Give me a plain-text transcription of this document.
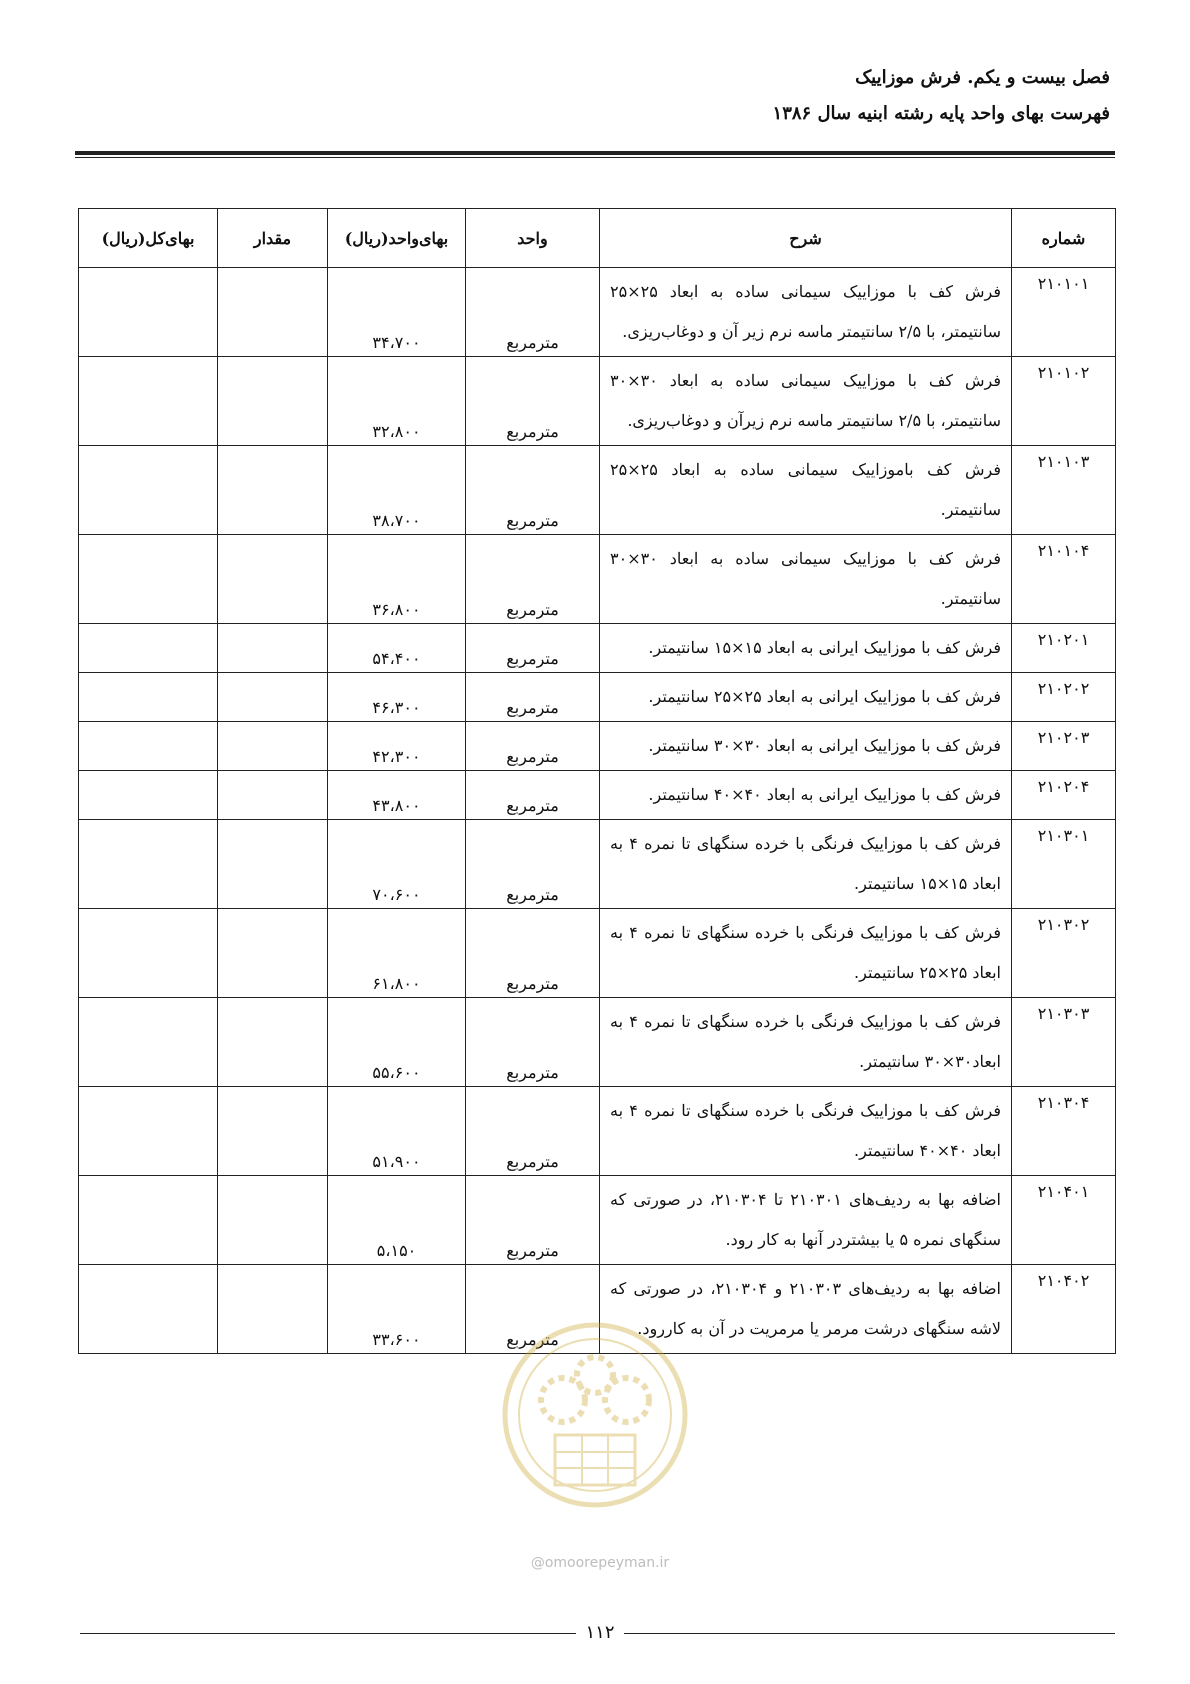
فصل بیست و یکم. فرش موزاییک
فهرست بهای واحد پایه رشته ابنیه سال ۱۳۸۶
شماره	شرح	واحد	بهای‌واحد(ریال)	مقدار	بهای‌کل(ریال)
۲۱۰۱۰۱	فرش کف با موزاییک سیمانی ساده به ابعاد ۲۵×۲۵ سانتیمتر، با ۲/۵ سانتیمتر ماسه نرم زیر آن و دوغاب‌ریزی.	مترمربع	۳۴،۷۰۰		
۲۱۰۱۰۲	فرش کف با موزاییک سیمانی ساده به ابعاد ۳۰×۳۰ سانتیمتر، با ۲/۵ سانتیمتر ماسه نرم زیرآن و دوغاب‌ریزی.	مترمربع	۳۲،۸۰۰		
۲۱۰۱۰۳	فرش کف باموزاییک سیمانی ساده به ابعاد ۲۵×۲۵ سانتیمتر.	مترمربع	۳۸،۷۰۰		
۲۱۰۱۰۴	فرش کف با موزاییک سیمانی ساده به ابعاد ۳۰×۳۰ سانتیمتر.	مترمربع	۳۶،۸۰۰		
۲۱۰۲۰۱	فرش کف با موزاییک ایرانی به ابعاد ۱۵×۱۵ سانتیمتر.	مترمربع	۵۴،۴۰۰		
۲۱۰۲۰۲	فرش کف با موزاییک ایرانی به ابعاد ۲۵×۲۵ سانتیمتر.	مترمربع	۴۶،۳۰۰		
۲۱۰۲۰۳	فرش کف با موزاییک ایرانی به ابعاد ۳۰×۳۰ سانتیمتر.	مترمربع	۴۲،۳۰۰		
۲۱۰۲۰۴	فرش کف با موزاییک ایرانی به ابعاد ۴۰×۴۰ سانتیمتر.	مترمربع	۴۳،۸۰۰		
۲۱۰۳۰۱	فرش کف با موزاییک فرنگی با خرده سنگهای تا نمره ۴ به ابعاد ۱۵×۱۵ سانتیمتر.	مترمربع	۷۰،۶۰۰		
۲۱۰۳۰۲	فرش کف با موزاییک فرنگی با خرده سنگهای تا نمره ۴ به ابعاد ۲۵×۲۵ سانتیمتر.	مترمربع	۶۱،۸۰۰		
۲۱۰۳۰۳	فرش کف با موزاییک فرنگی با خرده سنگهای تا نمره ۴ به ابعاد۳۰×۳۰ سانتیمتر.	مترمربع	۵۵،۶۰۰		
۲۱۰۳۰۴	فرش کف با موزاییک فرنگی با خرده سنگهای تا نمره ۴ به ابعاد ۴۰×۴۰ سانتیمتر.	مترمربع	۵۱،۹۰۰		
۲۱۰۴۰۱	اضافه بها به ردیف‌های ۲۱۰۳۰۱ تا ۲۱۰۳۰۴، در صورتی که سنگهای نمره ۵ یا بیشتردر آنها به کار رود.	مترمربع	۵،۱۵۰		
۲۱۰۴۰۲	اضافه بها به ردیف‌های ۲۱۰۳۰۳ و ۲۱۰۳۰۴، در صورتی که لاشه سنگهای درشت مرمر یا مرمریت در آن به کاررود.	مترمربع	۳۳،۶۰۰		
@omoorepeyman.ir
۱۱۲
